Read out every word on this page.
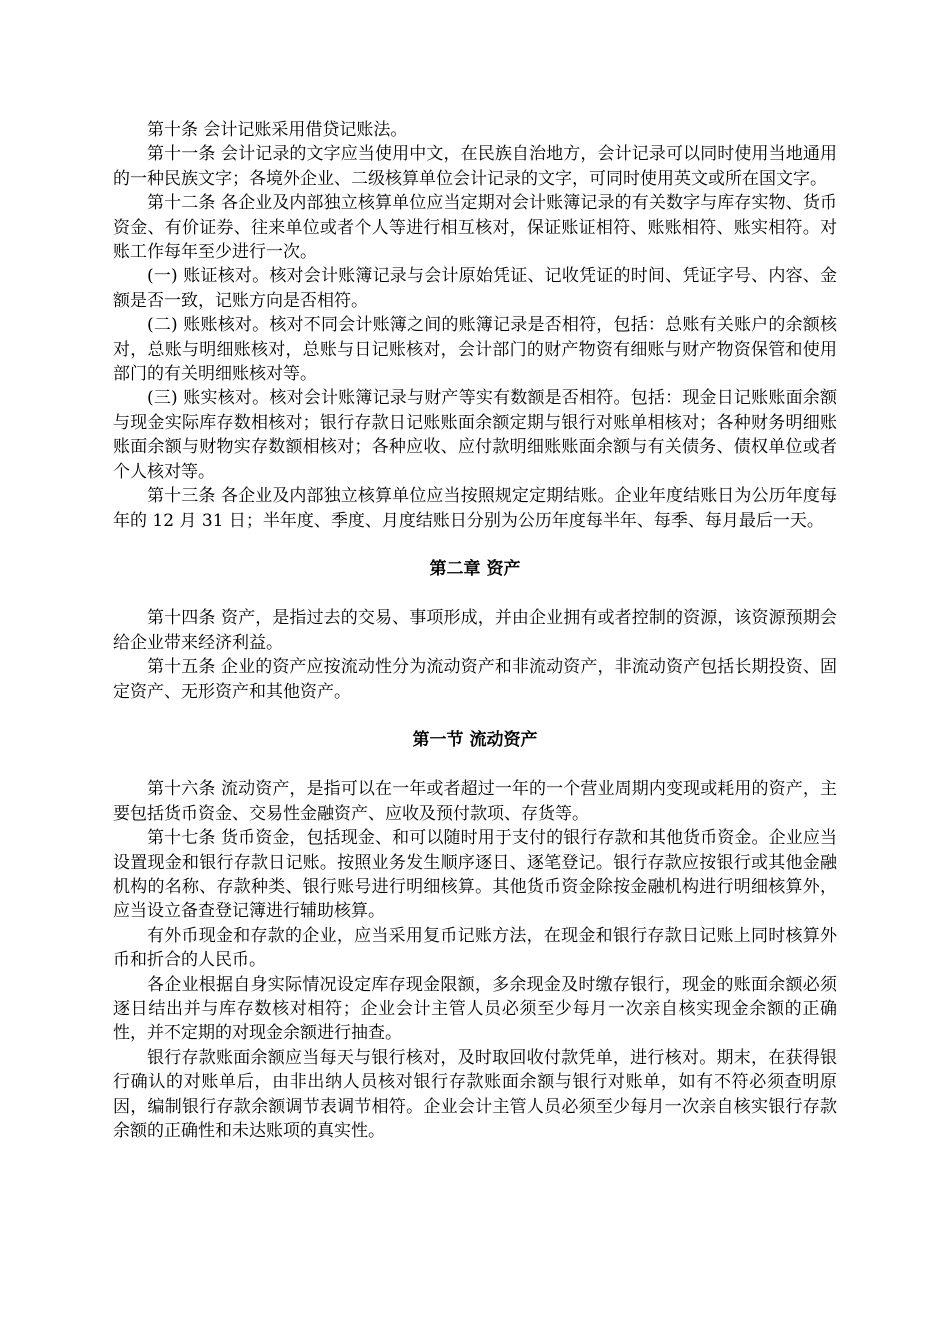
第十条 会计记账采用借贷记账法。

第十一条 会计记录的文字应当使用中文，在民族自治地方，会计记录可以同时使用当地通用的一种民族文字；各境外企业、二级核算单位会计记录的文字，可同时使用英文或所在国文字。

第十二条 各企业及内部独立核算单位应当定期对会计账簿记录的有关数字与库存实物、货币资金、有价证券、往来单位或者个人等进行相互核对，保证账证相符、账账相符、账实相符。对账工作每年至少进行一次。

(一) 账证核对。核对会计账簿记录与会计原始凭证、记收凭证的时间、凭证字号、内容、金额是否一致，记账方向是否相符。

(二) 账账核对。核对不同会计账簿之间的账簿记录是否相符，包括：总账有关账户的余额核对，总账与明细账核对，总账与日记账核对，会计部门的财产物资有细账与财产物资保管和使用部门的有关明细账核对等。

(三) 账实核对。核对会计账簿记录与财产等实有数额是否相符。包括：现金日记账账面余额与现金实际库存数相核对；银行存款日记账账面余额定期与银行对账单相核对；各种财务明细账账面余额与财物实存数额相核对；各种应收、应付款明细账账面余额与有关债务、债权单位或者个人核对等。

第十三条 各企业及内部独立核算单位应当按照规定定期结账。企业年度结账日为公历年度每年的 12 月 31 日；半年度、季度、月度结账日分别为公历年度每半年、每季、每月最后一天。

第二章 资产

第十四条 资产，是指过去的交易、事项形成，并由企业拥有或者控制的资源，该资源预期会给企业带来经济利益。

第十五条 企业的资产应按流动性分为流动资产和非流动资产，非流动资产包括长期投资、固定资产、无形资产和其他资产。

第一节 流动资产

第十六条 流动资产，是指可以在一年或者超过一年的一个营业周期内变现或耗用的资产，主要包括货币资金、交易性金融资产、应收及预付款项、存货等。

第十七条 货币资金，包括现金、和可以随时用于支付的银行存款和其他货币资金。企业应当设置现金和银行存款日记账。按照业务发生顺序逐日、逐笔登记。银行存款应按银行或其他金融机构的名称、存款种类、银行账号进行明细核算。其他货币资金除按金融机构进行明细核算外，应当设立备查登记簿进行辅助核算。

有外币现金和存款的企业，应当采用复币记账方法，在现金和银行存款日记账上同时核算外币和折合的人民币。

各企业根据自身实际情况设定库存现金限额，多余现金及时缴存银行，现金的账面余额必须逐日结出并与库存数核对相符；企业会计主管人员必须至少每月一次亲自核实现金余额的正确性，并不定期的对现金余额进行抽查。

银行存款账面余额应当每天与银行核对，及时取回收付款凭单，进行核对。期末，在获得银行确认的对账单后，由非出纳人员核对银行存款账面余额与银行对账单，如有不符必须查明原因，编制银行存款余额调节表调节相符。企业会计主管人员必须至少每月一次亲自核实银行存款余额的正确性和未达账项的真实性。
